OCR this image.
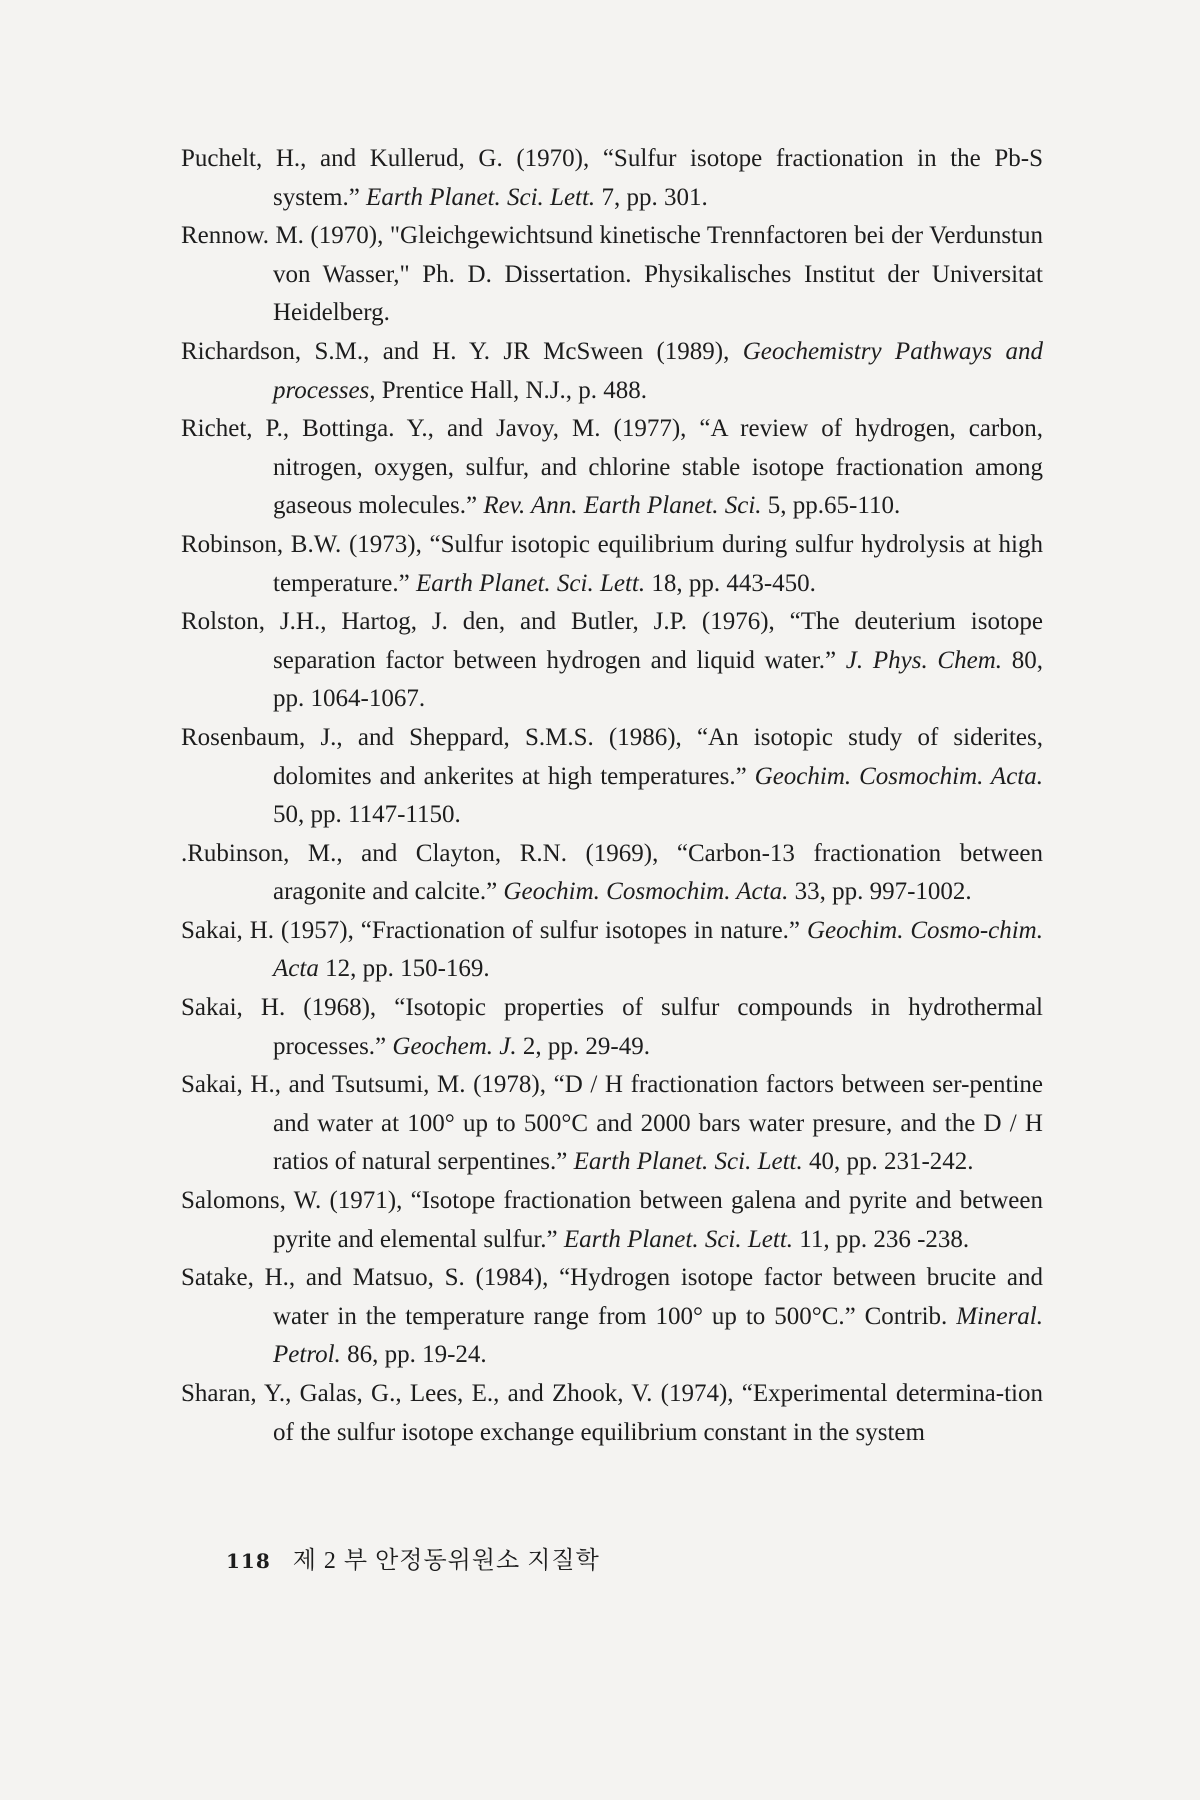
Puchelt, H., and Kullerud, G. (1970), “Sulfur isotope fractionation in the Pb-S system.” Earth Planet. Sci. Lett. 7, pp. 301.

Rennow. M. (1970), "Gleichgewichtsund kinetische Trennfactoren bei der Verdunstun von Wasser," Ph. D. Dissertation. Physikalisches Institut der Universitat Heidelberg.

Richardson, S.M., and H. Y. JR McSween (1989), Geochemistry Pathways and processes, Prentice Hall, N.J., p. 488.

Richet, P., Bottinga. Y., and Javoy, M. (1977), “A review of hydrogen, carbon, nitrogen, oxygen, sulfur, and chlorine stable isotope fractionation among gaseous molecules.” Rev. Ann. Earth Planet. Sci. 5, pp.65-110.

Robinson, B.W. (1973), “Sulfur isotopic equilibrium during sulfur hydrolysis at high temperature.” Earth Planet. Sci. Lett. 18, pp. 443-450.

Rolston, J.H., Hartog, J. den, and Butler, J.P. (1976), “The deuterium isotope separation factor between hydrogen and liquid water.” J. Phys. Chem. 80, pp. 1064-1067.

Rosenbaum, J., and Sheppard, S.M.S. (1986), “An isotopic study of siderites, dolomites and ankerites at high temperatures.” Geochim. Cosmochim. Acta. 50, pp. 1147-1150.

.Rubinson, M., and Clayton, R.N. (1969), “Carbon-13 fractionation between aragonite and calcite.” Geochim. Cosmochim. Acta. 33, pp. 997-1002.

Sakai, H. (1957), “Fractionation of sulfur isotopes in nature.” Geochim. Cosmo-chim. Acta 12, pp. 150-169.

Sakai, H. (1968), “Isotopic properties of sulfur compounds in hydrothermal processes.” Geochem. J. 2, pp. 29-49.

Sakai, H., and Tsutsumi, M. (1978), “D / H fractionation factors between ser-pentine and water at 100° up to 500°C and 2000 bars water presure, and the D / H ratios of natural serpentines.” Earth Planet. Sci. Lett. 40, pp. 231-242.

Salomons, W. (1971), “Isotope fractionation between galena and pyrite and between pyrite and elemental sulfur.” Earth Planet. Sci. Lett. 11, pp. 236 -238.

Satake, H., and Matsuo, S. (1984), “Hydrogen isotope factor between brucite and water in the temperature range from 100° up to 500°C.” Contrib. Mineral. Petrol. 86, pp. 19-24.

Sharan, Y., Galas, G., Lees, E., and Zhook, V. (1974), “Experimental determina-tion of the sulfur isotope exchange equilibrium constant in the system

118 제 2 부 안정동위원소 지질학
